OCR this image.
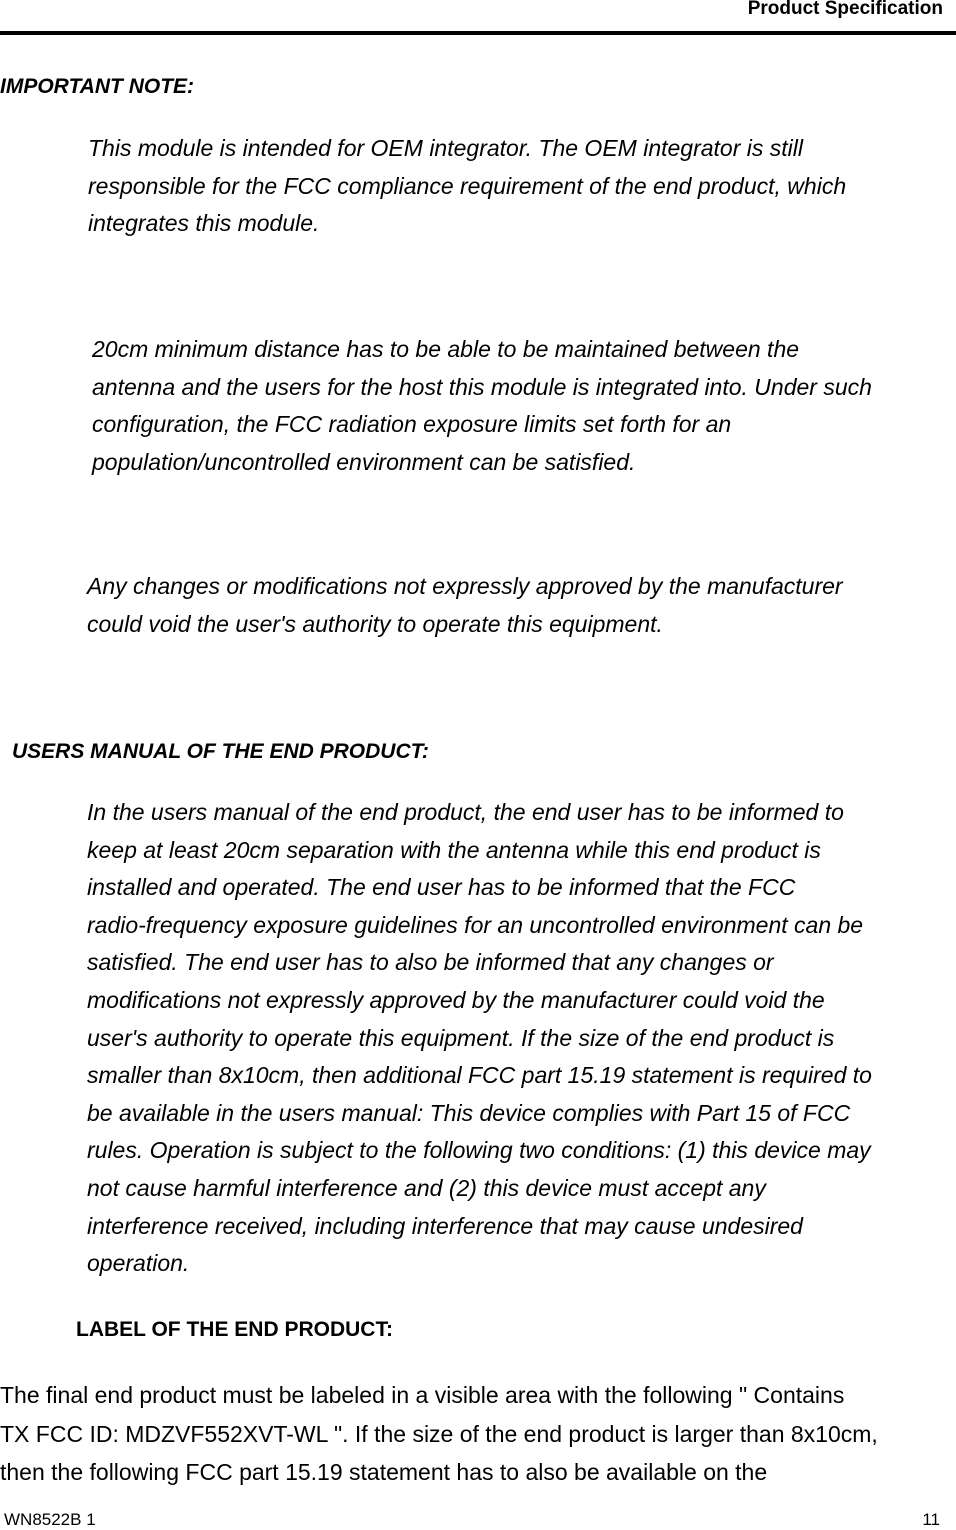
Product Specification
IMPORTANT NOTE:

This module is intended for OEM integrator. The OEM integrator is still
responsible for the FCC compliance requirement of the end product, which
integrates this module.

20cm minimum distance has to be able to be maintained between the
antenna and the users for the host this module is integrated into. Under such
configuration, the FCC radiation exposure limits set forth for an
population/uncontrolled environment can be satisfied.

Any changes or modifications not expressly approved by the manufacturer
could void the user's authority to operate this equipment.

USERS MANUAL OF THE END PRODUCT:

In the users manual of the end product, the end user has to be informed to
keep at least 20cm separation with the antenna while this end product is
installed and operated. The end user has to be informed that the FCC
radio-frequency exposure guidelines for an uncontrolled environment can be
satisfied. The end user has to also be informed that any changes or
modifications not expressly approved by the manufacturer could void the
user's authority to operate this equipment. If the size of the end product is
smaller than 8x10cm, then additional FCC part 15.19 statement is required to
be available in the users manual: This device complies with Part 15 of FCC
rules. Operation is subject to the following two conditions: (1) this device may
not cause harmful interference and (2) this device must accept any
interference received, including interference that may cause undesired
operation.

LABEL OF THE END PRODUCT:

The final end product must be labeled in a visible area with the following " Contains
TX FCC ID: MDZVF552XVT-WL ". If the size of the end product is larger than 8x10cm,
then the following FCC part 15.19 statement has to also be available on the

WN8522B 1	11
